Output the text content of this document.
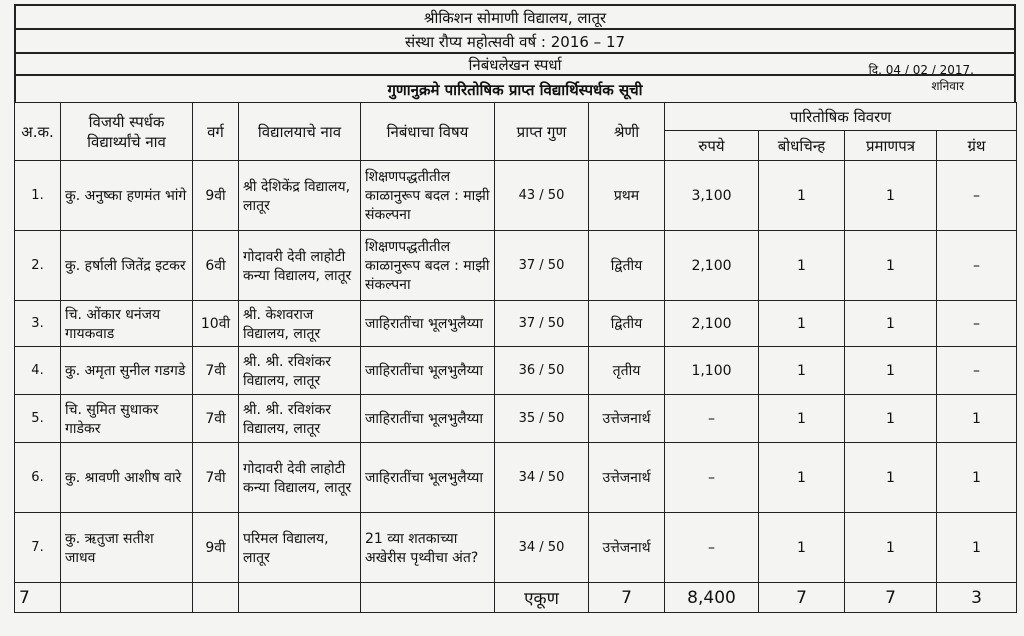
श्रीकिशन सोमाणी विद्यालय, लातूर
संस्था रौप्य महोत्सवी वर्ष : 2016 – 17
निबंधलेखन स्पर्धा	दि. 04 / 02 / 2017.
गुणानुक्रमे पारितोषिक प्राप्त विद्यार्थिस्पर्धक सूची	शनिवार
अ.क.	विजयी स्पर्धक विद्यार्थ्यांचे नाव	वर्ग	विद्यालयाचे नाव	निबंधाचा विषय	प्राप्त गुण	श्रेणी	पारितोषिक विवरण			
							रुपये	बोधचिन्ह	प्रमाणपत्र	ग्रंथ
1.	कु. अनुष्का हणमंत भांगे	9वी	श्री देशिकेंद्र विद्यालय, लातूर	शिक्षणपद्धतीतील काळानुरूप बदल : माझी संकल्पना	43 / 50	प्रथम	3,100	1	1	–
2.	कु. हर्षाली जितेंद्र इटकर	6वी	गोदावरी देवी लाहोटी कन्या विद्यालय, लातूर	शिक्षणपद्धतीतील काळानुरूप बदल : माझी संकल्पना	37 / 50	द्वितीय	2,100	1	1	–
3.	चि. ओंकार धनंजय गायकवाड	10वी	श्री. केशवराज विद्यालय, लातूर	जाहिरातींचा भूलभुलैय्या	37 / 50	द्वितीय	2,100	1	1	–
4.	कु. अमृता सुनील गडगडे	7वी	श्री. श्री. रविशंकर विद्यालय, लातूर	जाहिरातींचा भूलभुलैय्या	36 / 50	तृतीय	1,100	1	1	–
5.	चि. सुमित सुधाकर गाडेकर	7वी	श्री. श्री. रविशंकर विद्यालय, लातूर	जाहिरातींचा भूलभुलैय्या	35 / 50	उत्तेजनार्थ	–	1	1	1
6.	कु. श्रावणी आशीष वारे	7वी	गोदावरी देवी लाहोटी कन्या विद्यालय, लातूर	जाहिरातींचा भूलभुलैय्या	34 / 50	उत्तेजनार्थ	–	1	1	1
7.	कु. ऋतुजा सतीश जाधव	9वी	परिमल विद्यालय, लातूर	21 व्या शतकाच्या अखेरीस पृथ्वीचा अंत?	34 / 50	उत्तेजनार्थ	–	1	1	1
7					एकूण	7	8,400	7	7	3
